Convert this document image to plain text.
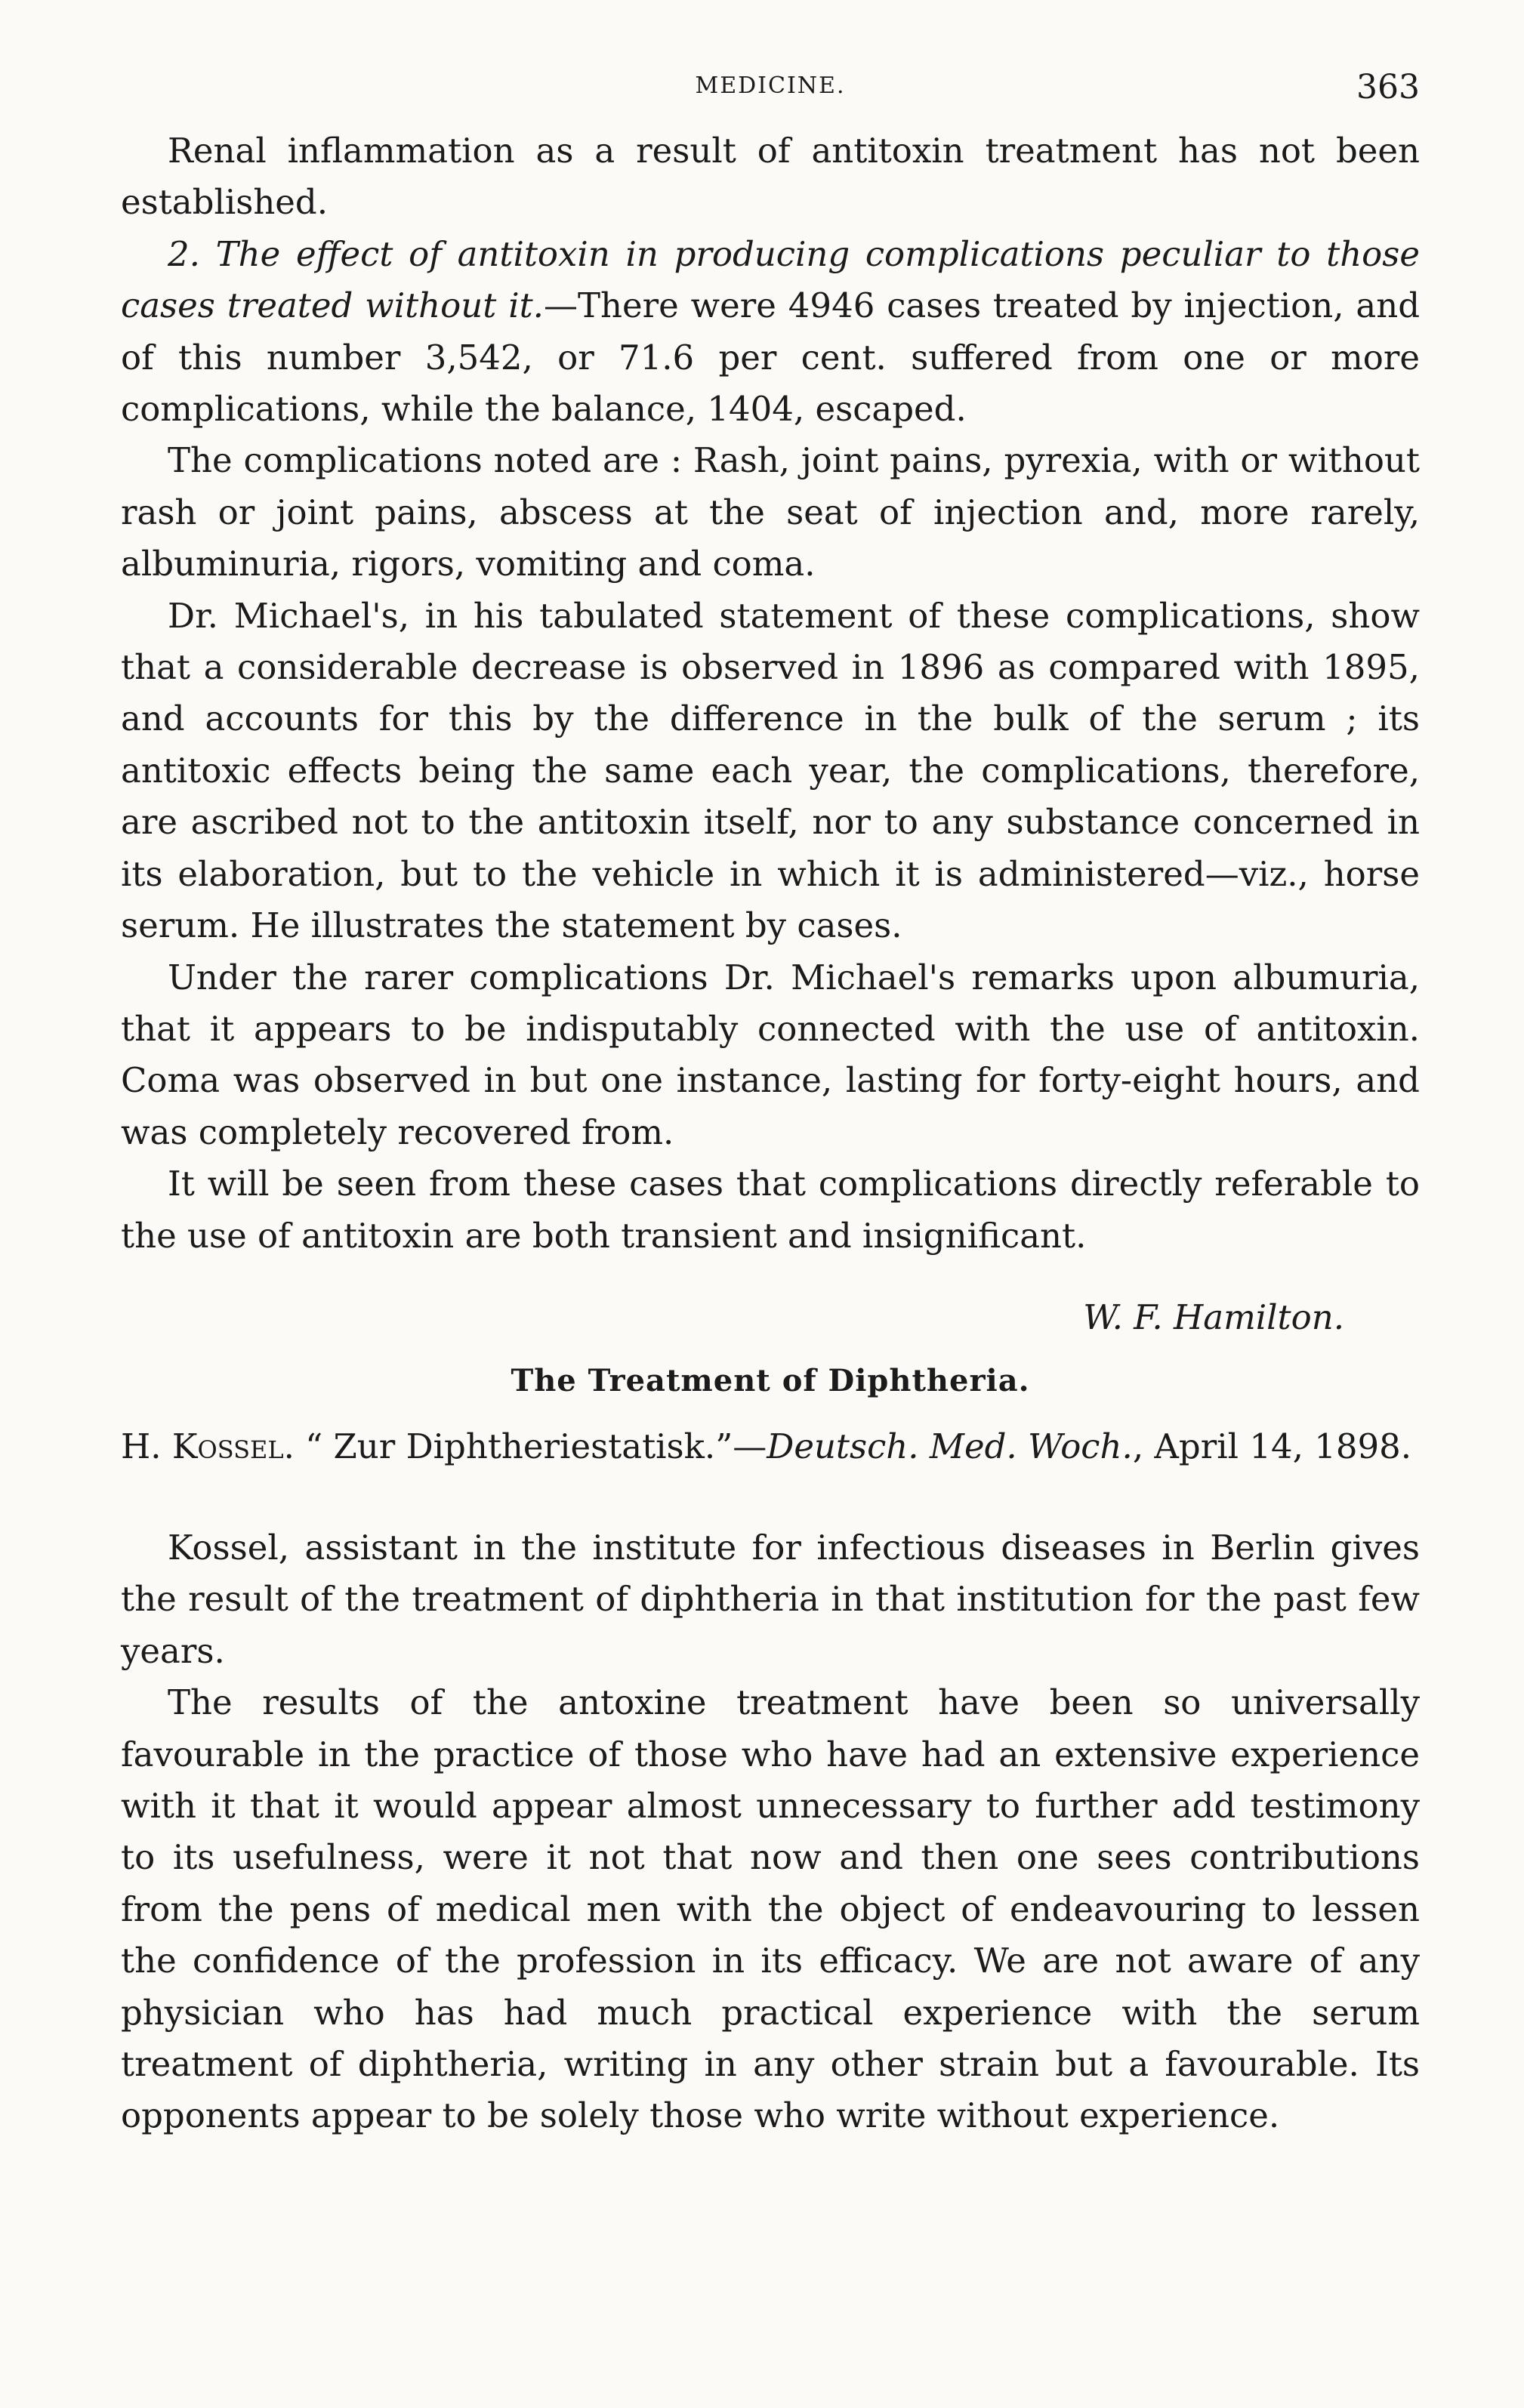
MEDICINE.	363

Renal inflammation as a result of antitoxin treatment has not been established.

2. The effect of antitoxin in producing complications peculiar to those cases treated without it.—There were 4946 cases treated by injection, and of this number 3,542, or 71.6 per cent. suffered from one or more complications, while the balance, 1404, escaped.

The complications noted are : Rash, joint pains, pyrexia, with or without rash or joint pains, abscess at the seat of injection and, more rarely, albuminuria, rigors, vomiting and coma.

Dr. Michael's, in his tabulated statement of these complications, show that a considerable decrease is observed in 1896 as compared with 1895, and accounts for this by the difference in the bulk of the serum ; its antitoxic effects being the same each year, the complications, therefore, are ascribed not to the antitoxin itself, nor to any substance concerned in its elaboration, but to the vehicle in which it is administered—viz., horse serum. He illustrates the statement by cases.

Under the rarer complications Dr. Michael's remarks upon albumuria, that it appears to be indisputably connected with the use of antitoxin. Coma was observed in but one instance, lasting for forty-eight hours, and was completely recovered from.

It will be seen from these cases that complications directly referable to the use of antitoxin are both transient and insignificant.

W. F. Hamilton.
The Treatment of Diphtheria.

H. Kossel. “ Zur Diphtheriestatisk.”—Deutsch. Med. Woch., April 14, 1898.

Kossel, assistant in the institute for infectious diseases in Berlin gives the result of the treatment of diphtheria in that institution for the past few years.

The results of the antoxine treatment have been so universally favourable in the practice of those who have had an extensive experience with it that it would appear almost unnecessary to further add testimony to its usefulness, were it not that now and then one sees contributions from the pens of medical men with the object of endeavouring to lessen the confidence of the profession in its efficacy. We are not aware of any physician who has had much practical experience with the serum treatment of diphtheria, writing in any other strain but a favourable. Its opponents appear to be solely those who write without experience.
